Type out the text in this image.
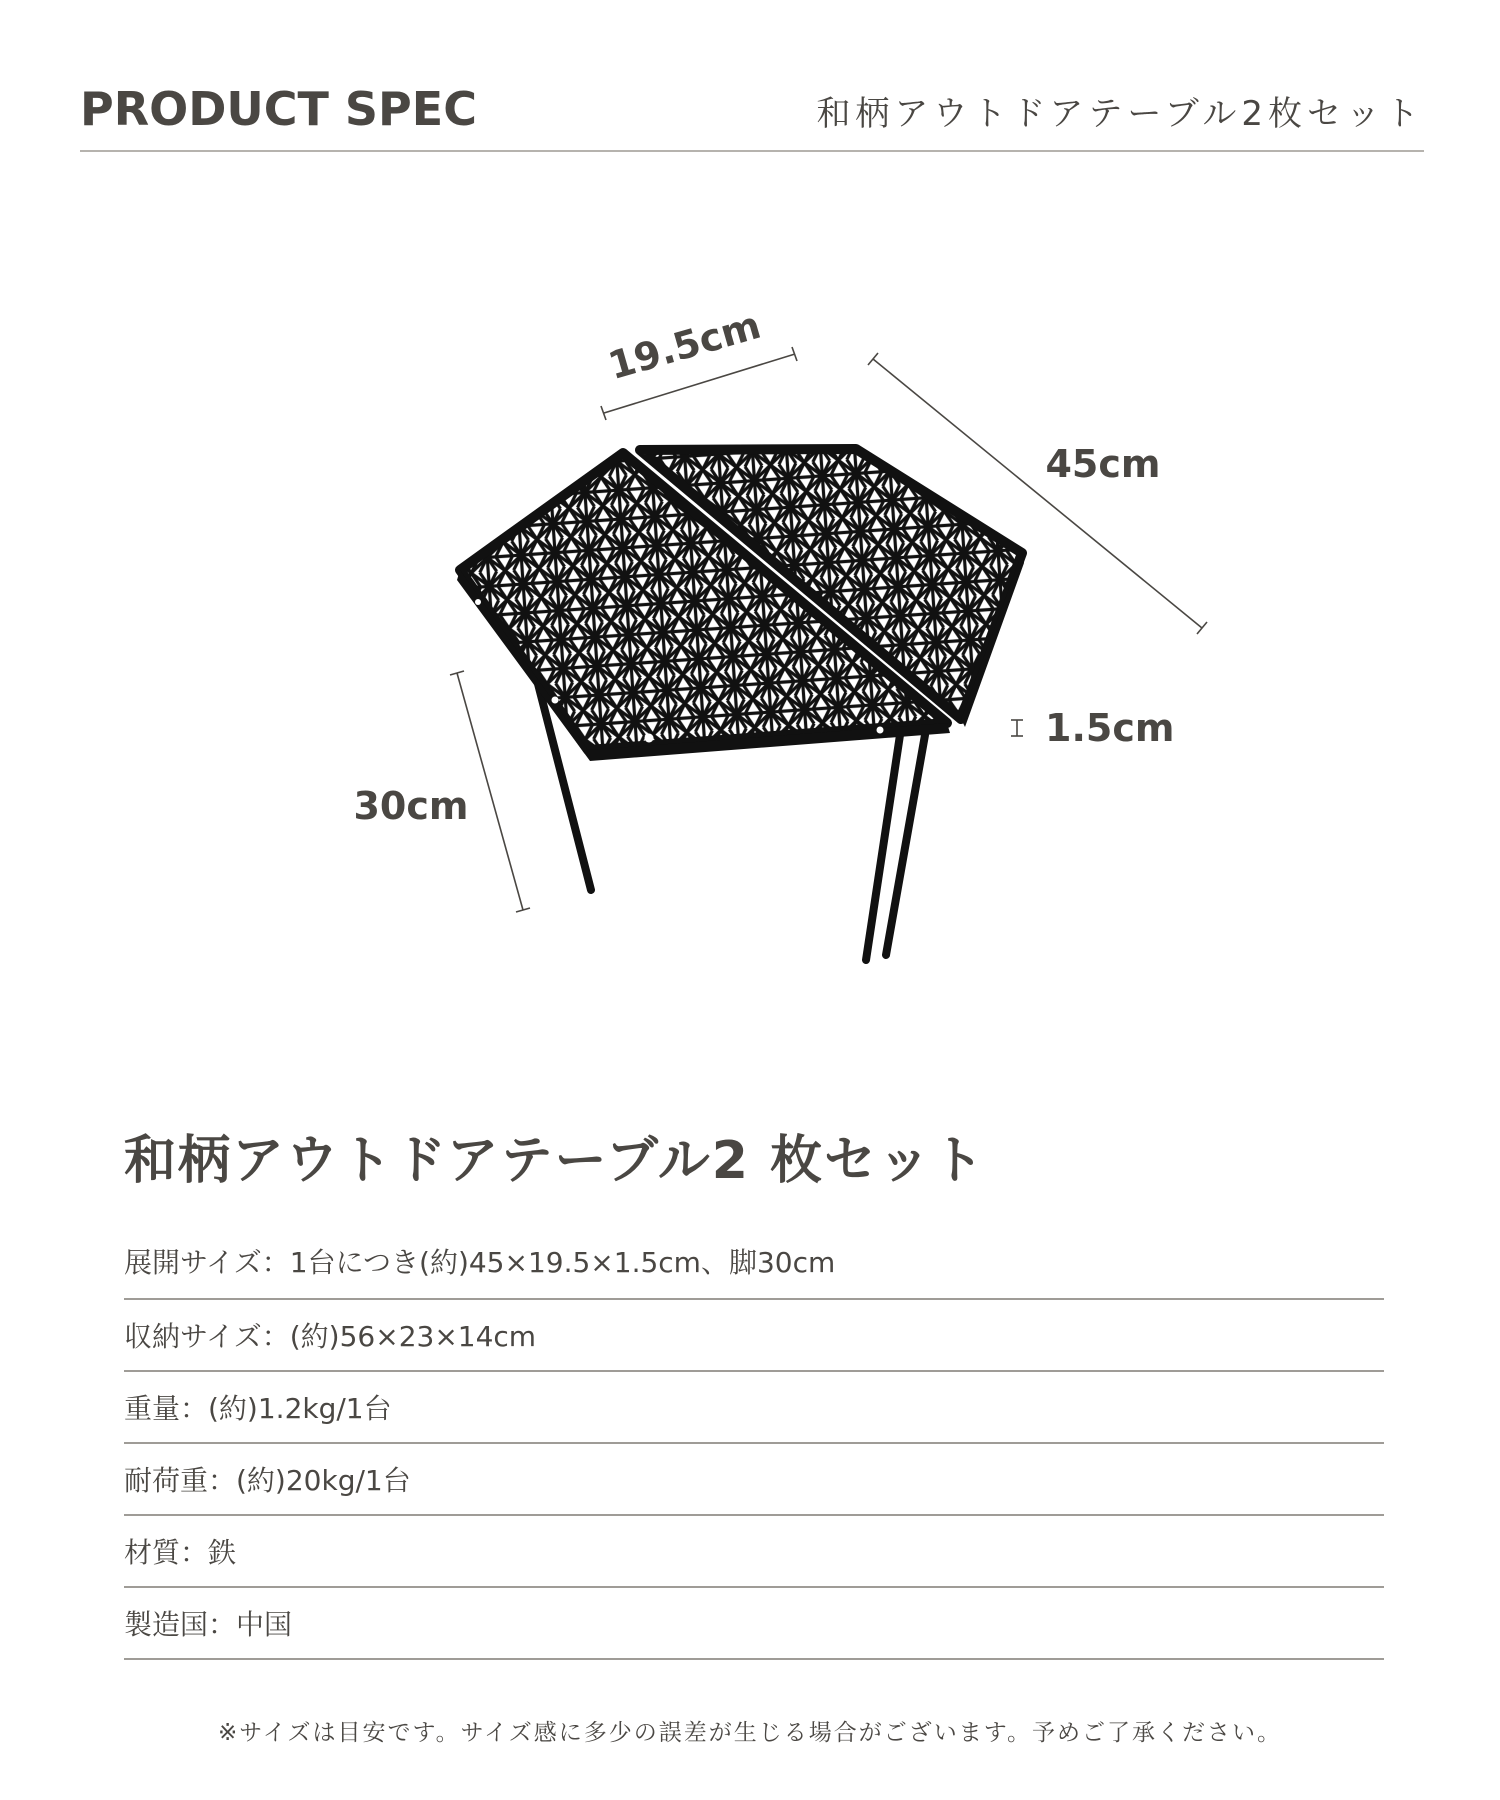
PRODUCT SPEC	和柄アウトドアテーブル2枚セット
19.5cm
45cm
1.5cm
30cm
和柄アウトドアテーブル2 枚セット
展開サイズ：1台につき(約)45×19.5×1.5cm、脚30cm
収納サイズ：(約)56×23×14cm
重量：(約)1.2kg/1台
耐荷重：(約)20kg/1台
材質：鉄
製造国：中国
※サイズは目安です。サイズ感に多少の誤差が生じる場合がございます。予めご了承ください。
